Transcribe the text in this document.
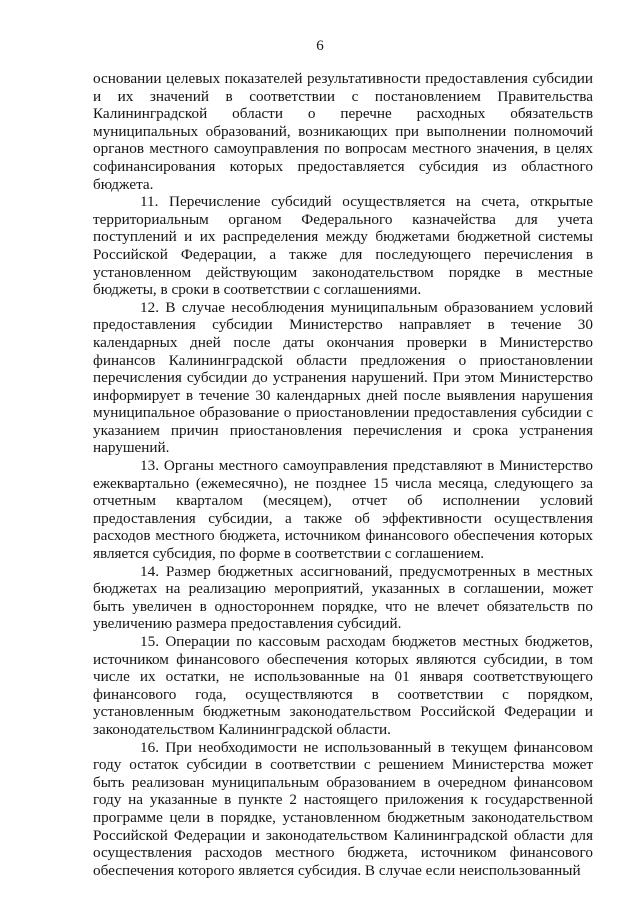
6

основании целевых показателей результативности предоставления субсидии и их значений в соответствии с постановлением Правительства Калининградской области о перечне расходных обязательств муниципальных образований, возникающих при выполнении полномочий органов местного самоуправления по вопросам местного значения, в целях софинансирования которых предоставляется субсидия из областного бюджета.

11. Перечисление субсидий осуществляется на счета, открытые территориальным органом Федерального казначейства для учета поступлений и их распределения между бюджетами бюджетной системы Российской Федерации, а также для последующего перечисления в установленном действующим законодательством порядке в местные бюджеты, в сроки в соответствии с соглашениями.

12. В случае несоблюдения муниципальным образованием условий предоставления субсидии Министерство направляет в течение 30 календарных дней после даты окончания проверки в Министерство финансов Калининградской области предложения о приостановлении перечисления субсидии до устранения нарушений. При этом Министерство информирует в течение 30 календарных дней после выявления нарушения муниципальное образование о приостановлении предоставления субсидии с указанием причин приостановления перечисления и срока устранения нарушений.

13. Органы местного самоуправления представляют в Министерство ежеквартально (ежемесячно), не позднее 15 числа месяца, следующего за отчетным кварталом (месяцем), отчет об исполнении условий предоставления субсидии, а также об эффективности осуществления расходов местного бюджета, источником финансового обеспечения которых является субсидия, по форме в соответствии с соглашением.

14. Размер бюджетных ассигнований, предусмотренных в местных бюджетах на реализацию мероприятий, указанных в соглашении, может быть увеличен в одностороннем порядке, что не влечет обязательств по увеличению размера предоставления субсидий.

15. Операции по кассовым расходам бюджетов местных бюджетов, источником финансового обеспечения которых являются субсидии, в том числе их остатки, не использованные на 01 января соответствующего финансового года, осуществляются в соответствии с порядком, установленным бюджетным законодательством Российской Федерации и законодательством Калининградской области.

16. При необходимости не использованный в текущем финансовом году остаток субсидии в соответствии с решением Министерства может быть реализован муниципальным образованием в очередном финансовом году на указанные в пункте 2 настоящего приложения к государственной программе цели в порядке, установленном бюджетным законодательством Российской Федерации и законодательством Калининградской области для осуществления расходов местного бюджета, источником финансового обеспечения которого является субсидия. В случае если неиспользованный
